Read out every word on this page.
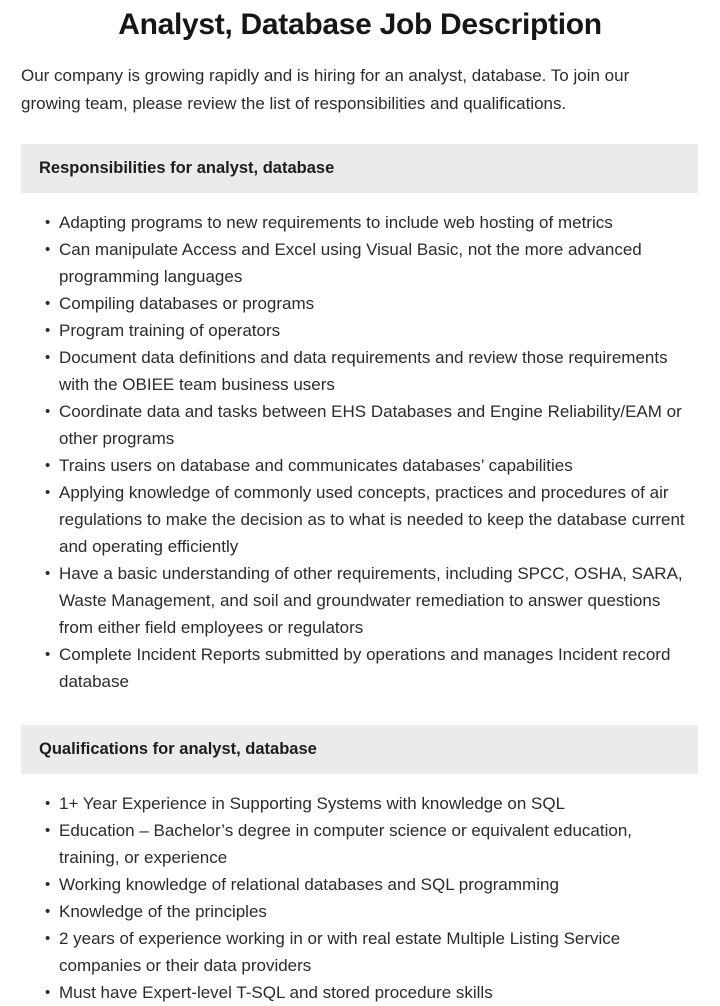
Analyst, Database Job Description

Our company is growing rapidly and is hiring for an analyst, database. To join our growing team, please review the list of responsibilities and qualifications.

Responsibilities for analyst, database
• Adapting programs to new requirements to include web hosting of metrics
• Can manipulate Access and Excel using Visual Basic, not the more advanced programming languages
• Compiling databases or programs
• Program training of operators
• Document data definitions and data requirements and review those requirements with the OBIEE team business users
• Coordinate data and tasks between EHS Databases and Engine Reliability/EAM or other programs
• Trains users on database and communicates databases’ capabilities
• Applying knowledge of commonly used concepts, practices and procedures of air regulations to make the decision as to what is needed to keep the database current and operating efficiently
• Have a basic understanding of other requirements, including SPCC, OSHA, SARA, Waste Management, and soil and groundwater remediation to answer questions from either field employees or regulators
• Complete Incident Reports submitted by operations and manages Incident record database
Qualifications for analyst, database
• 1+ Year Experience in Supporting Systems with knowledge on SQL
• Education – Bachelor’s degree in computer science or equivalent education, training, or experience
• Working knowledge of relational databases and SQL programming
• Knowledge of the principles
• 2 years of experience working in or with real estate Multiple Listing Service companies or their data providers
• Must have Expert-level T-SQL and stored procedure skills
